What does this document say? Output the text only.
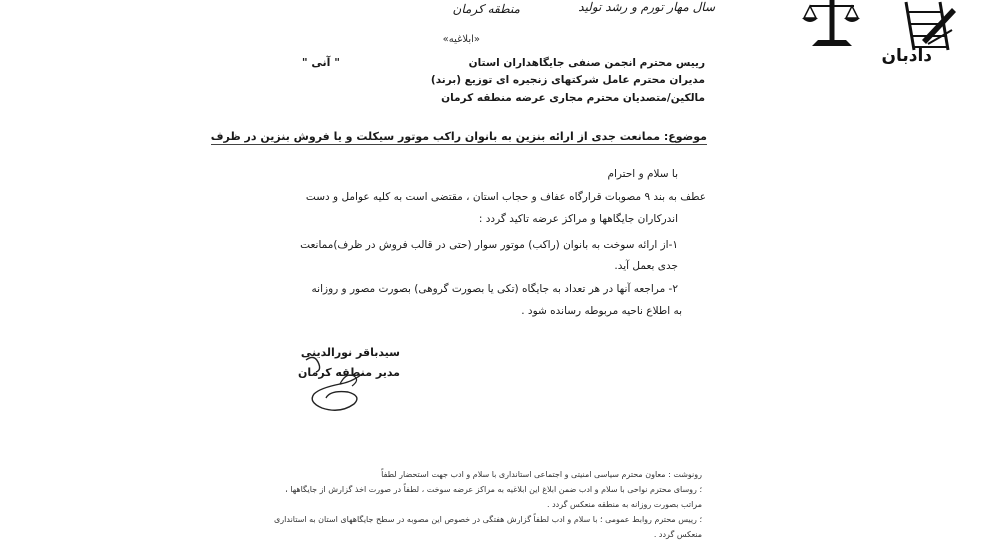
دادبان
سال مهار تورم و رشد تولید
منطقه کرمان
«ابلاغیه»
" آنی "	رییس محترم انجمن صنفی جایگاهداران استان
مدیران محترم عامل شرکتهای زنجیره ای توزیع (برند)
مالکین/متصدیان محترم مجاری عرضه منطقه کرمان
موضوع: ممانعت جدی از ارائه بنزین به بانوان راکب موتور سیکلت و یا فروش بنزین در ظرف
با سلام و احترام
عطف به بند ۹ مصوبات قرارگاه عفاف و حجاب استان ، مقتضی است به کلیه عوامل و دست
اندرکاران جایگاهها و مراکز عرضه تاکید گردد :
۱-از ارائه سوخت به بانوان (راکب) موتور سوار (حتی در قالب فروش در ظرف)ممانعت
جدی بعمل آید.
۲- مراجعه آنها در هر تعداد به جایگاه (تکی یا بصورت گروهی) بصورت مصور و روزانه
به اطلاع ناحیه مربوطه رسانده شود .
سیدباقر نورالدینی
مدیر منطقه کرمان
رونوشت : معاون محترم سیاسی امنیتی و اجتماعی استانداری با سلام و ادب جهت استحضار لطفاً
؛ روسای محترم نواحی با سلام و ادب ضمن ابلاغ این ابلاغیه به مراکز عرضه سوخت ، لطفاً در صورت اخذ گزارش از جایگاهها ،
مراتب بصورت روزانه به منطقه منعکس گردد .
؛ رییس محترم روابط عمومی ؛ با سلام و ادب لطفاً گزارش هفتگی در خصوص این مصوبه در سطح جایگاههای استان به استانداری
منعکس گردد .
